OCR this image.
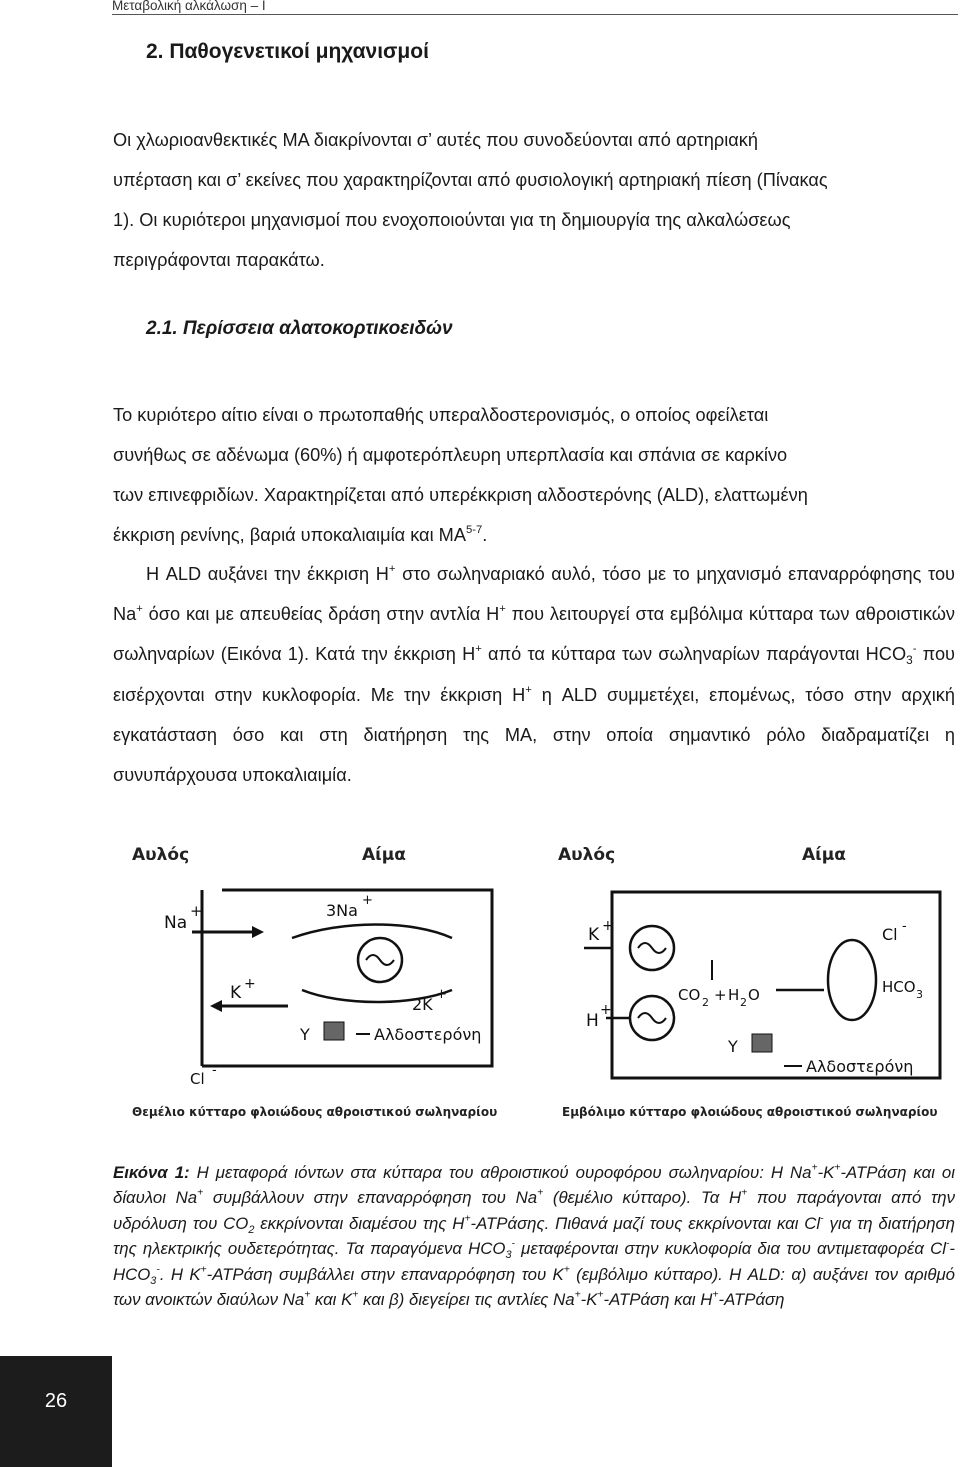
Μεταβολική αλκάλωση – Ι
2. Παθογενετικοί μηχανισμοί
Οι χλωριοανθεκτικές ΜΑ διακρίνονται σ’ αυτές που συνοδεύονται από αρτηριακή
υπέρταση και σ’ εκείνες που χαρακτηρίζονται από φυσιολογική αρτηριακή πίεση (Πίνακας
1). Οι κυριότεροι μηχανισμοί που ενοχοποιούνται για τη δημιουργία της αλκαλώσεως
περιγράφονται παρακάτω.
2.1. Περίσσεια αλατοκορτικοειδών
Το κυριότερο αίτιο είναι ο πρωτοπαθής υπεραλδοστερονισμός, ο οποίος οφείλεται
συνήθως σε αδένωμα (60%) ή αμφοτερόπλευρη υπερπλασία και σπάνια σε καρκίνο
των επινεφριδίων. Χαρακτηρίζεται από υπερέκκριση αλδοστερόνης (ALD), ελαττωμένη
έκκριση ρενίνης, βαριά υποκαλιαιμία και ΜΑ$^{5-7}$.

Η ALD αυξάνει την έκκριση Η+ στο σωληναριακό αυλό, τόσο με το μηχανισμό επαναρρόφησης του Na+ όσο και με απευθείας δράση στην αντλία Η+ που λειτουργεί στα εμβόλιμα κύτταρα των αθροιστικών σωληναρίων (Εικόνα 1). Κατά την έκκριση Η+ από τα κύτταρα των σωληναρίων παράγονται $HCO_3^-$ που εισέρχονται στην κυκλοφορία. Με την έκκριση Η+ η ALD συμμετέχει, επομένως, τόσο στην αρχική εγκατάσταση όσο και στη διατήρηση της ΜΑ, στην οποία σημαντικό ρόλο διαδραματίζει η συνυπάρχουσα υποκαλιαιμία.

Αυλός	Αίμα
Na
+
K +
3Na
+
2K
+
Y	Αλδοστερόνη
Cl -
Θεμέλιο κύτταρο φλοιώδους αθροιστικού σωληναρίου
Αυλός	Αίμα
K +
H
+
CO 2 + H 2 O
Cl -
HCO 3
Y
Αλδοστερόνη
Εμβόλιμο κύτταρο φλοιώδους αθροιστικού σωληναρίου

Εικόνα 1: Η μεταφορά ιόντων στα κύτταρα του αθροιστικού ουροφόρου σωληναρίου: Η Na+-K+-ATPάση και οι δίαυλοι Na+ συμβάλλουν στην επαναρρόφηση του Na+ (θεμέλιο κύτταρο). Τα Η+ που παράγονται από την υδρόλυση του $CO_2$ εκκρίνονται διαμέσου της Η+-ATPάσης. Πιθανά μαζί τους εκκρίνονται και Cl- για τη διατήρηση της ηλεκτρικής ουδετερότητας. Τα παραγόμενα $HCO_3^-$ μεταφέρονται στην κυκλοφορία δια του αντιμεταφορέα $Cl^--HCO_3^-$. Η K+-ATPάση συμβάλλει στην επαναρρόφηση του K+ (εμβόλιμο κύτταρο). Η ALD: α) αυξάνει τον αριθμό των ανοικτών διαύλων Na+ και K+ και β) διεγείρει τις αντλίες Na+-K+-ATPάση και Η+-ATPάση

26
